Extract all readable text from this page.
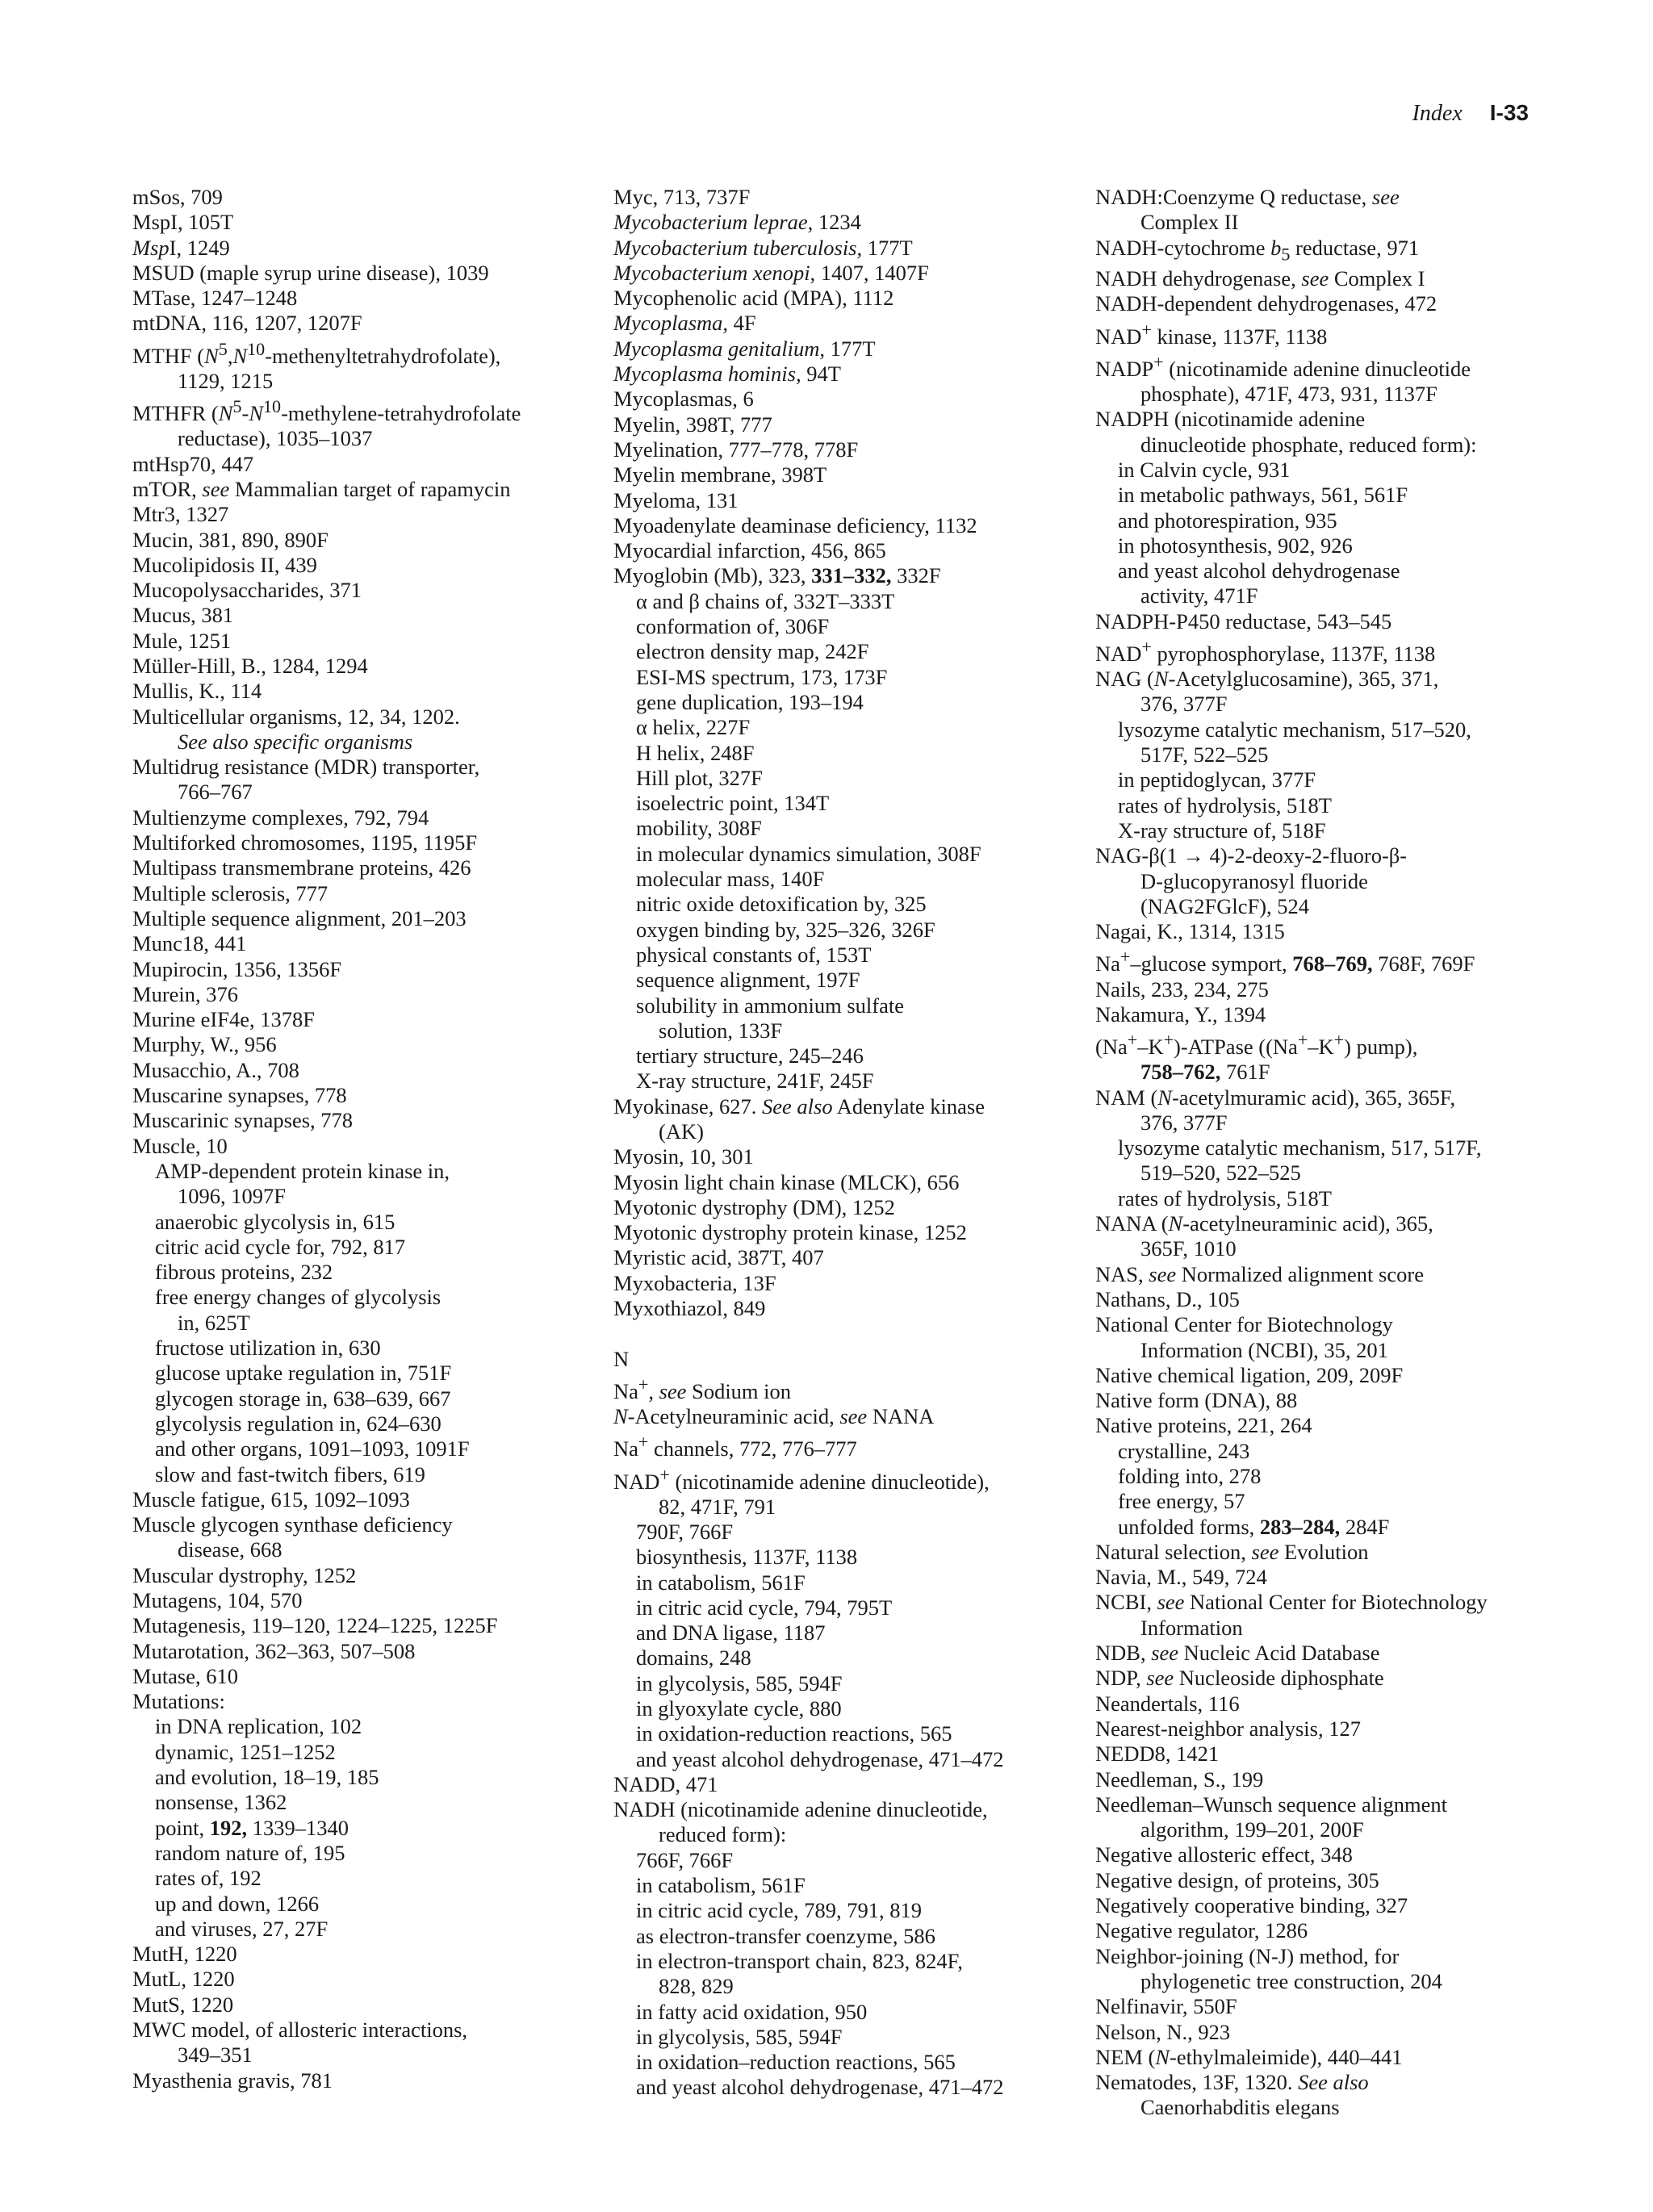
Index I-33
mSos, 709
MspI, 105T
MspI, 1249
MSUD (maple syrup urine disease), 1039
MTase, 1247–1248
mtDNA, 116, 1207, 1207F
MTHF $(N^5,N^{10}-methenyltetrahydrofolate)$,
1129, 1215
MTHFR ($N^5-N^{10}-methylene$-tetrahydrofolate
reductase), 1035–1037
mtHsp70, 447
mTOR, see Mammalian target of rapamycin
Mtr3, 1327
Mucin, 381, 890, 890F
Mucolipidosis II, 439
Mucopolysaccharides, 371
Mucus, 381
Mule, 1251
Müller-Hill, B., 1284, 1294
Mullis, K., 114
Multicellular organisms, 12, 34, 1202.
See also specific organisms
Multidrug resistance (MDR) transporter,
766–767
Multienzyme complexes, 792, 794
Multiforked chromosomes, 1195, 1195F
Multipass transmembrane proteins, 426
Multiple sclerosis, 777
Multiple sequence alignment, 201–203
Munc18, 441
Mupirocin, 1356, 1356F
Murein, 376
Murine eIF4e, 1378F
Murphy, W., 956
Musacchio, A., 708
Muscarine synapses, 778
Muscarinic synapses, 778
Muscle, 10
AMP-dependent protein kinase in,
1096, 1097F
anaerobic glycolysis in, 615
citric acid cycle for, 792, 817
fibrous proteins, 232
free energy changes of glycolysis
in, 625T
fructose utilization in, 630
glucose uptake regulation in, 751F
glycogen storage in, 638–639, 667
glycolysis regulation in, 624–630
and other organs, 1091–1093, 1091F
slow and fast-twitch fibers, 619
Muscle fatigue, 615, 1092–1093
Muscle glycogen synthase deficiency
disease, 668
Muscular dystrophy, 1252
Mutagens, 104, 570
Mutagenesis, 119–120, 1224–1225, 1225F
Mutarotation, 362–363, 507–508
Mutase, 610
Mutations:
in DNA replication, 102
dynamic, 1251–1252
and evolution, 18–19, 185
nonsense, 1362
point, 192, 1339–1340
random nature of, 195
rates of, 192
up and down, 1266
and viruses, 27, 27F
MutH, 1220
MutL, 1220
MutS, 1220
MWC model, of allosteric interactions,
349–351
Myasthenia gravis, 781
Myc, 713, 737F
Mycobacterium leprae, 1234
Mycobacterium tuberculosis, 177T
Mycobacterium xenopi, 1407, 1407F
Mycophenolic acid (MPA), 1112
Mycoplasma, 4F
Mycoplasma genitalium, 177T
Mycoplasma hominis, 94T
Mycoplasmas, 6
Myelin, 398T, 777
Myelination, 777–778, 778F
Myelin membrane, 398T
Myeloma, 131
Myoadenylate deaminase deficiency, 1132
Myocardial infarction, 456, 865
Myoglobin (Mb), 323, 331–332, 332F
α and β chains of, 332T–333T
conformation of, 306F
electron density map, 242F
ESI-MS spectrum, 173, 173F
gene duplication, 193–194
α helix, 227F
H helix, 248F
Hill plot, 327F
isoelectric point, 134T
mobility, 308F
in molecular dynamics simulation, 308F
molecular mass, 140F
nitric oxide detoxification by, 325
oxygen binding by, 325–326, 326F
physical constants of, 153T
sequence alignment, 197F
solubility in ammonium sulfate
solution, 133F
tertiary structure, 245–246
X-ray structure, 241F, 245F
Myokinase, 627. See also Adenylate kinase
(AK)
Myosin, 10, 301
Myosin light chain kinase (MLCK), 656
Myotonic dystrophy (DM), 1252
Myotonic dystrophy protein kinase, 1252
Myristic acid, 387T, 407
Myxobacteria, 13F
Myxothiazol, 849
N
Na+, see Sodium ion
N-Acetylneuraminic acid, see NANA
Na+ channels, 772, 776–777
NAD+ (nicotinamide adenine dinucleotide),
82, 471F, 791
790F, 766F
biosynthesis, 1137F, 1138
in catabolism, 561F
in citric acid cycle, 794, 795T
and DNA ligase, 1187
domains, 248
in glycolysis, 585, 594F
in glyoxylate cycle, 880
in oxidation-reduction reactions, 565
and yeast alcohol dehydrogenase, 471–472
NADD, 471
NADH (nicotinamide adenine dinucleotide,
reduced form):
766F, 766F
in catabolism, 561F
in citric acid cycle, 789, 791, 819
as electron-transfer coenzyme, 586
in electron-transport chain, 823, 824F,
828, 829
in fatty acid oxidation, 950
in glycolysis, 585, 594F
in oxidation–reduction reactions, 565
and yeast alcohol dehydrogenase, 471–472
NADH:Coenzyme Q reductase, see
Complex II
NADH-cytochrome $b_5$ reductase, 971
NADH dehydrogenase, see Complex I
NADH-dependent dehydrogenases, 472
NAD+ kinase, 1137F, 1138
NADP+ (nicotinamide adenine dinucleotide
phosphate), 471F, 473, 931, 1137F
NADPH (nicotinamide adenine
dinucleotide phosphate, reduced form):
in Calvin cycle, 931
in metabolic pathways, 561, 561F
and photorespiration, 935
in photosynthesis, 902, 926
and yeast alcohol dehydrogenase
activity, 471F
NADPH-P450 reductase, 543–545
NAD+ pyrophosphorylase, 1137F, 1138
NAG (N-Acetylglucosamine), 365, 371,
376, 377F
lysozyme catalytic mechanism, 517–520,
517F, 522–525
in peptidoglycan, 377F
rates of hydrolysis, 518T
X-ray structure of, 518F
NAG-β(1 → 4)-2-deoxy-2-fluoro-β-
D-glucopyranosyl fluoride
(NAG2FGlcF), 524
Nagai, K., 1314, 1315
Na+–glucose symport, 768–769, 768F, 769F
Nails, 233, 234, 275
Nakamura, Y., 1394
(Na+–K+)-ATPase ((Na+–K+) pump),
758–762, 761F
NAM (N-acetylmuramic acid), 365, 365F,
376, 377F
lysozyme catalytic mechanism, 517, 517F,
519–520, 522–525
rates of hydrolysis, 518T
NANA (N-acetylneuraminic acid), 365,
365F, 1010
NAS, see Normalized alignment score
Nathans, D., 105
National Center for Biotechnology
Information (NCBI), 35, 201
Native chemical ligation, 209, 209F
Native form (DNA), 88
Native proteins, 221, 264
crystalline, 243
folding into, 278
free energy, 57
unfolded forms, 283–284, 284F
Natural selection, see Evolution
Navia, M., 549, 724
NCBI, see National Center for Biotechnology
Information
NDB, see Nucleic Acid Database
NDP, see Nucleoside diphosphate
Neandertals, 116
Nearest-neighbor analysis, 127
NEDD8, 1421
Needleman, S., 199
Needleman–Wunsch sequence alignment
algorithm, 199–201, 200F
Negative allosteric effect, 348
Negative design, of proteins, 305
Negatively cooperative binding, 327
Negative regulator, 1286
Neighbor-joining (N-J) method, for
phylogenetic tree construction, 204
Nelfinavir, 550F
Nelson, N., 923
NEM (N-ethylmaleimide), 440–441
Nematodes, 13F, 1320. See also
Caenorhabditis elegans
